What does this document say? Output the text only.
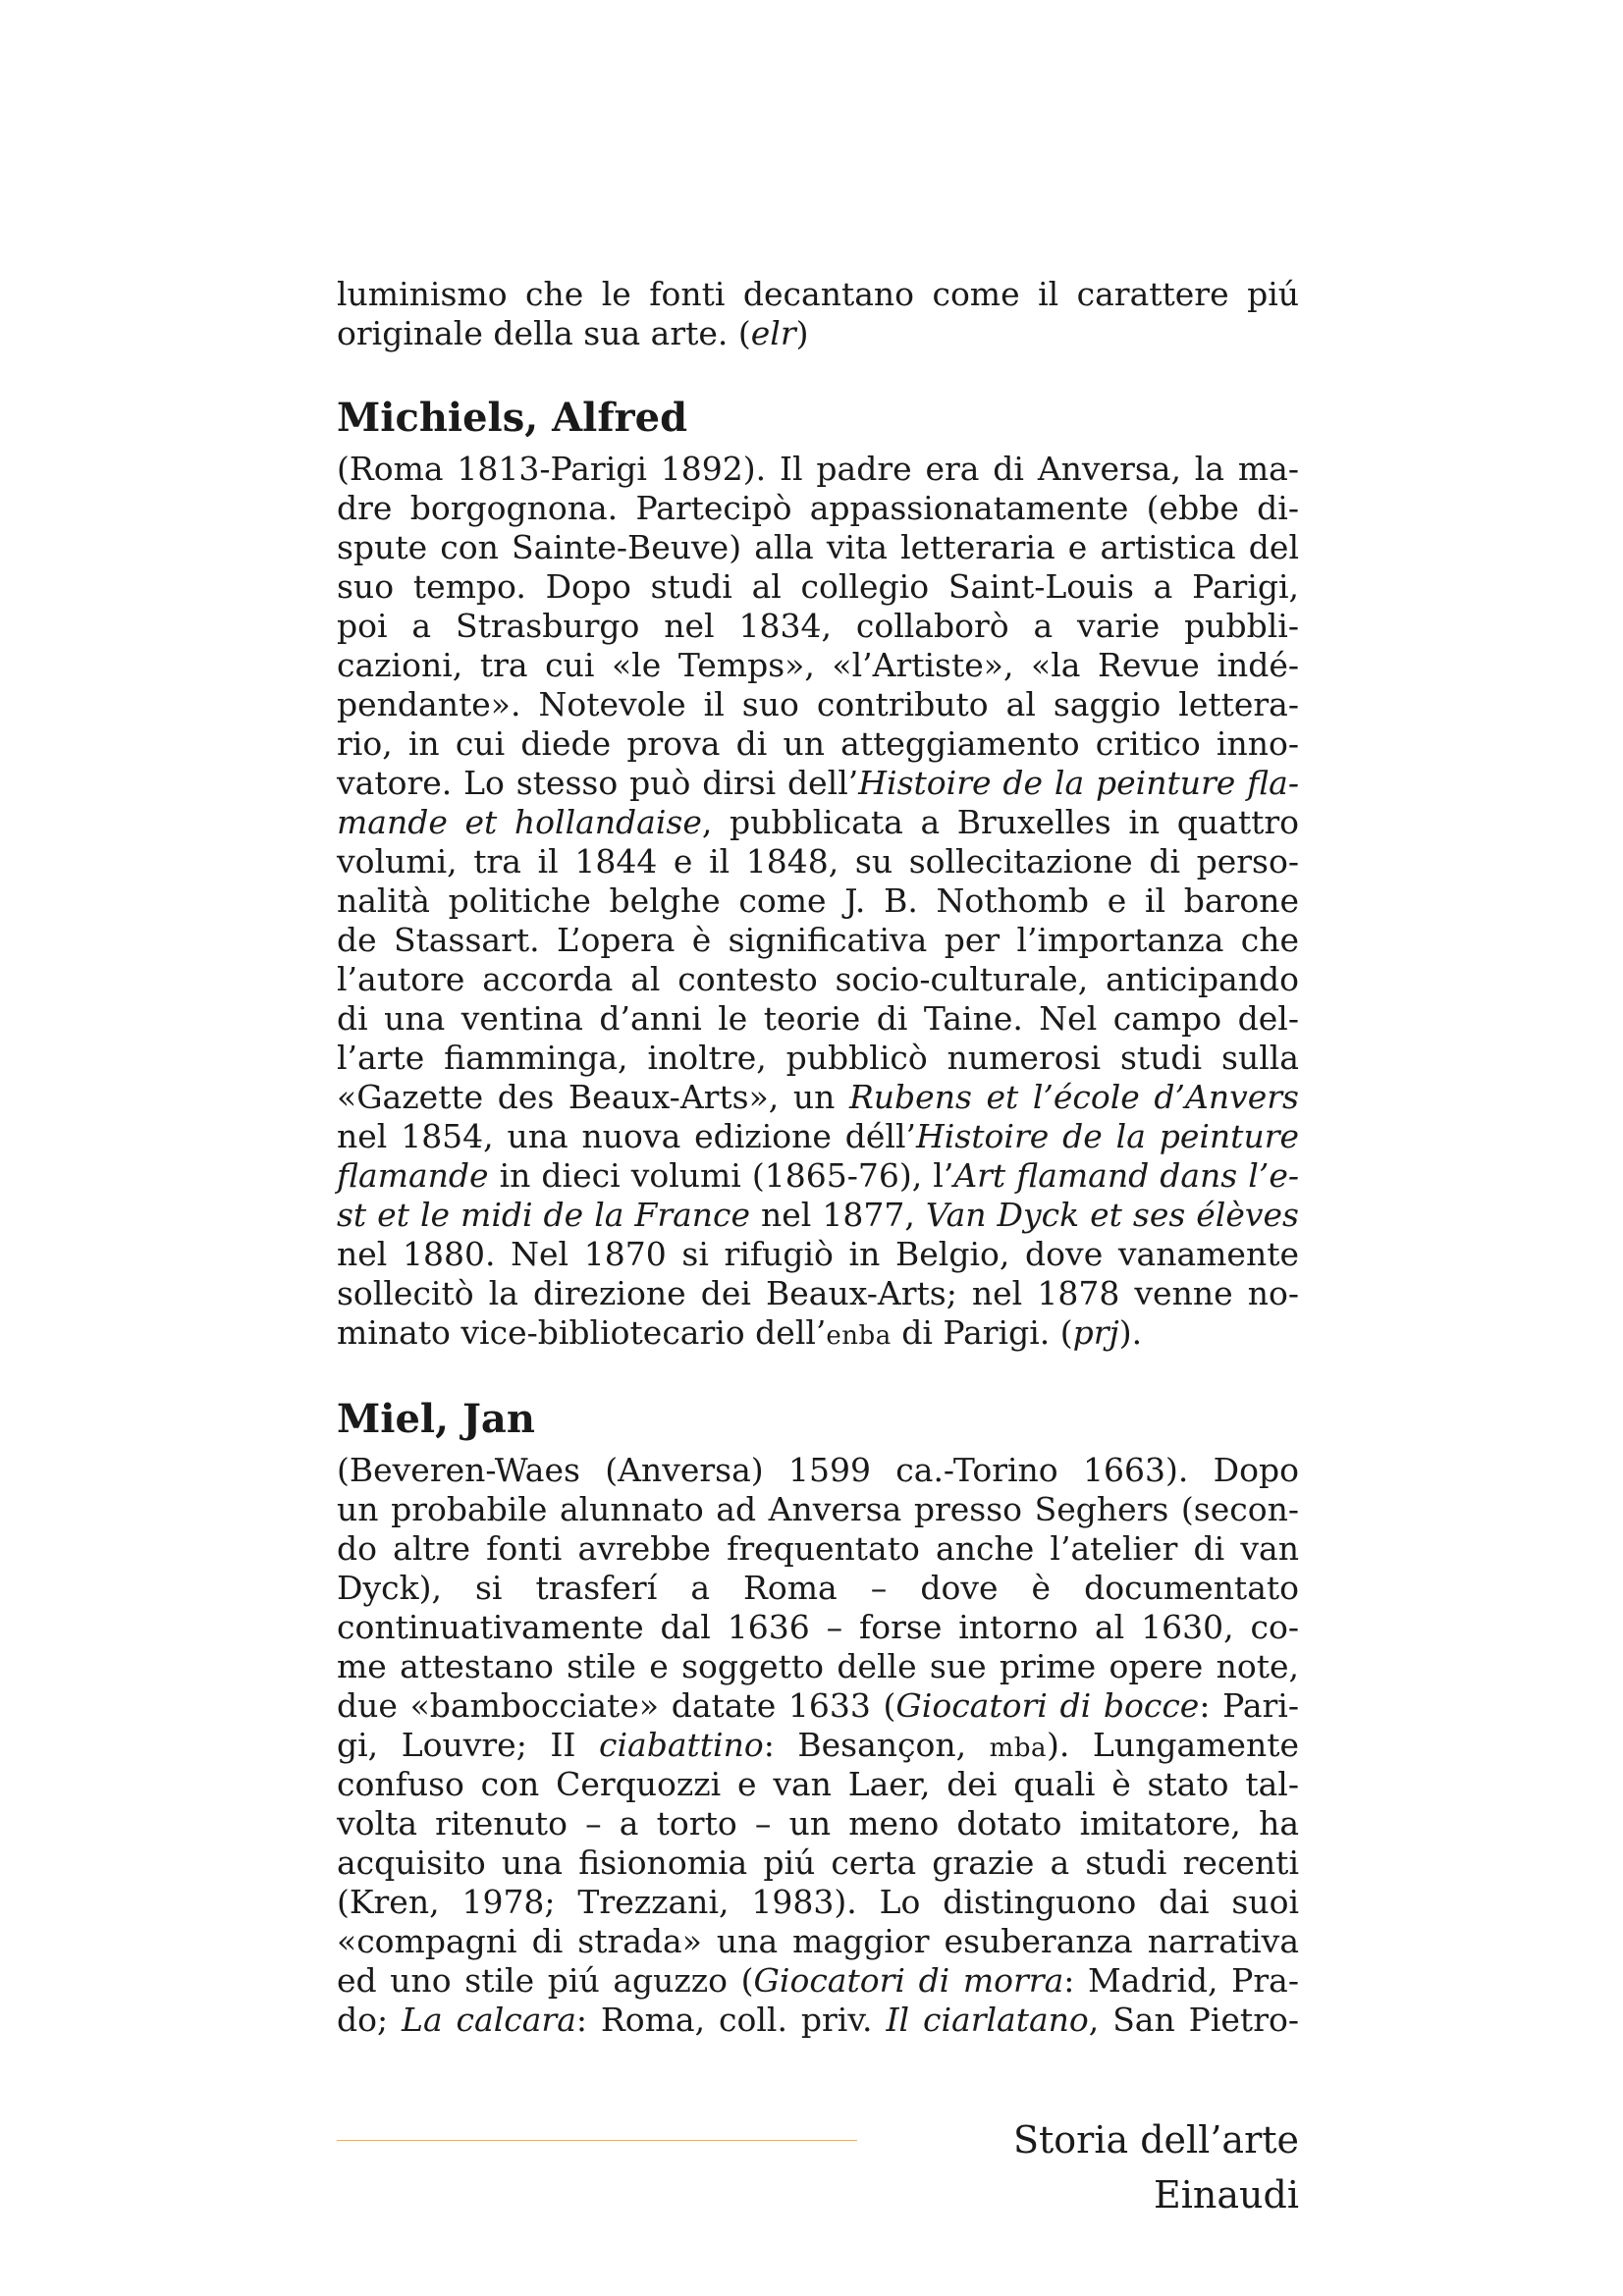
luminismo che le fonti decantano come il carattere piú
originale della sua arte. (elr)
Michiels, Alfred
(Roma 1813-Parigi 1892). Il padre era di Anversa, la ma-
dre borgognona. Partecipò appassionatamente (ebbe di-
spute con Sainte-Beuve) alla vita letteraria e artistica del
suo tempo. Dopo studi al collegio Saint-Louis a Parigi,
poi a Strasburgo nel 1834, collaborò a varie pubbli-
cazioni, tra cui «le Temps», «l’Artiste», «la Revue indé-
pendante». Notevole il suo contributo al saggio lettera-
rio, in cui diede prova di un atteggiamento critico inno-
vatore. Lo stesso può dirsi dell’Histoire de la peinture fla-
mande et hollandaise, pubblicata a Bruxelles in quattro
volumi, tra il 1844 e il 1848, su sollecitazione di perso-
nalità politiche belghe come J. B. Nothomb e il barone
de Stassart. L’opera è significativa per l’importanza che
l’autore accorda al contesto socio-culturale, anticipando
di una ventina d’anni le teorie di Taine. Nel campo del-
l’arte fiamminga, inoltre, pubblicò numerosi studi sulla
«Gazette des Beaux-Arts», un Rubens et l’école d’Anvers
nel 1854, una nuova edizione déll’Histoire de la peinture
flamande in dieci volumi (1865-76), l’Art flamand dans l’e-
st et le midi de la France nel 1877, Van Dyck et ses élèves
nel 1880. Nel 1870 si rifugiò in Belgio, dove vanamente
sollecitò la direzione dei Beaux-Arts; nel 1878 venne no-
minato vice-bibliotecario dell’enba di Parigi. (prj).
Miel, Jan
(Beveren-Waes (Anversa) 1599 ca.-Torino 1663). Dopo
un probabile alunnato ad Anversa presso Seghers (secon-
do altre fonti avrebbe frequentato anche l’atelier di van
Dyck), si trasferí a Roma – dove è documentato
continuativamente dal 1636 – forse intorno al 1630, co-
me attestano stile e soggetto delle sue prime opere note,
due «bambocciate» datate 1633 (Giocatori di bocce: Pari-
gi, Louvre; II ciabattino: Besançon, mba). Lungamente
confuso con Cerquozzi e van Laer, dei quali è stato tal-
volta ritenuto – a torto – un meno dotato imitatore, ha
acquisito una fisionomia piú certa grazie a studi recenti
(Kren, 1978; Trezzani, 1983). Lo distinguono dai suoi
«compagni di strada» una maggior esuberanza narrativa
ed uno stile piú aguzzo (Giocatori di morra: Madrid, Pra-
do; La calcara: Roma, coll. priv. Il ciarlatano, San Pietro-
Storia dell’arte Einaudi
